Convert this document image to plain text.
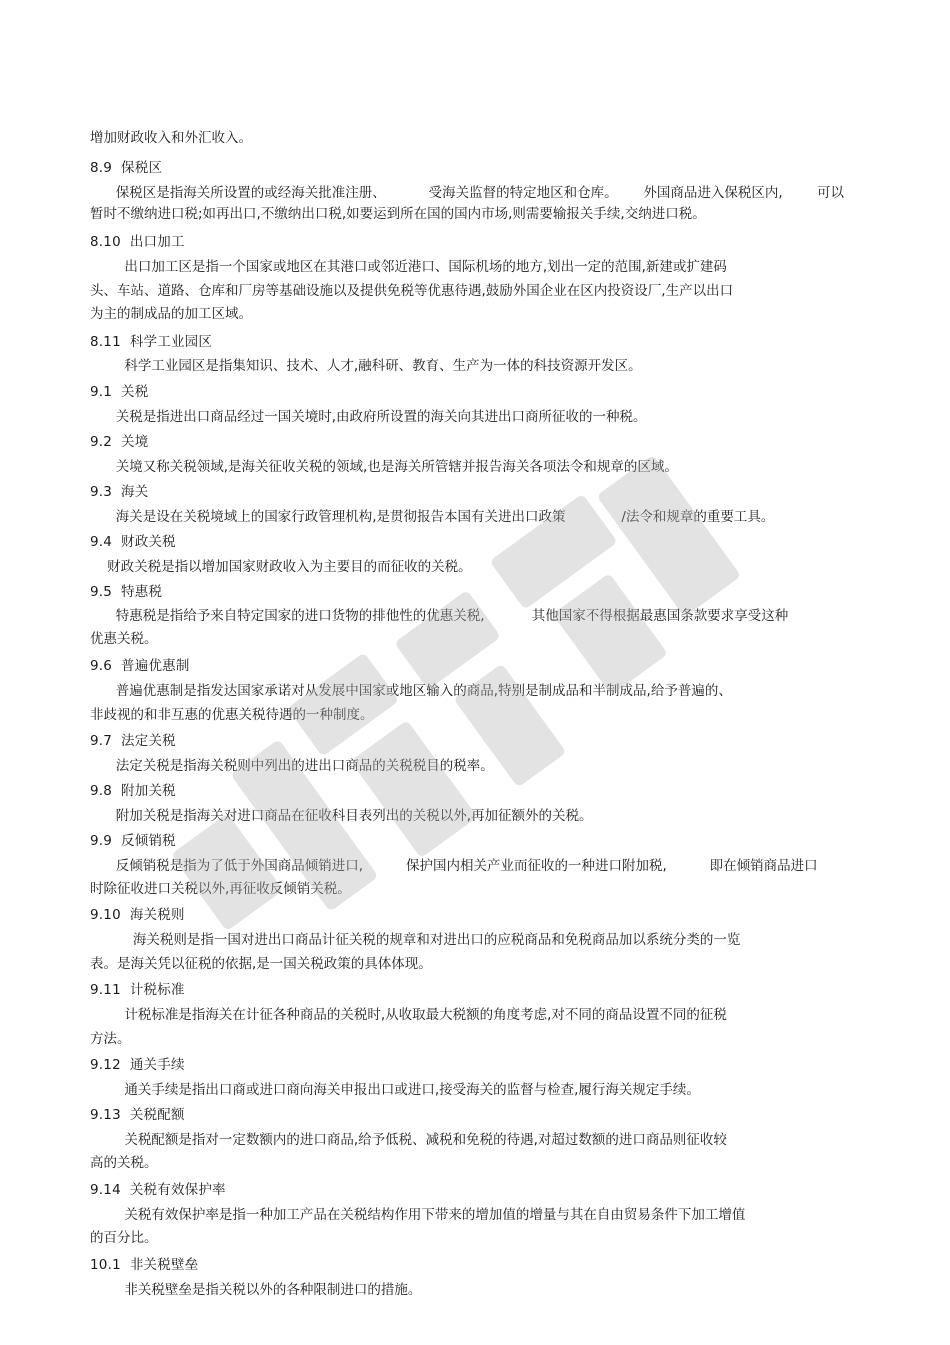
增加财政收入和外汇收入。
8.9  保税区
保税区是指海关所设置的或经海关批准注册、          受海关监督的特定地区和仓库。      外国商品进入保税区内,        可以
暂时不缴纳进口税;如再出口,不缴纳出口税,如要运到所在国的国内市场,则需要输报关手续,交纳进口税。
8.10  出口加工
出口加工区是指一个国家或地区在其港口或邻近港口、国际机场的地方,划出一定的范围,新建或扩建码
头、车站、道路、仓库和厂房等基础设施以及提供免税等优惠待遇,鼓励外国企业在区内投资设厂,生产以出口
为主的制成品的加工区域。
8.11  科学工业园区
科学工业园区是指集知识、技术、人才,融科研、教育、生产为一体的科技资源开发区。
9.1  关税
关税是指进出口商品经过一国关境时,由政府所设置的海关向其进出口商所征收的一种税。
9.2  关境
关境又称关税领域,是海关征收关税的领域,也是海关所管辖并报告海关各项法令和规章的区域。
9.3  海关
海关是设在关税境域上的国家行政管理机构,是贯彻报告本国有关进出口政策             /法令和规章的重要工具。
9.4  财政关税
财政关税是指以增加国家财政收入为主要目的而征收的关税。
9.5  特惠税
特惠税是指给予来自特定国家的进口货物的排他性的优惠关税,           其他国家不得根据最惠国条款要求享受这种
优惠关税。
9.6  普遍优惠制
普遍优惠制是指发达国家承诺对从发展中国家或地区输入的商品,特别是制成品和半制成品,给予普遍的、
非歧视的和非互惠的优惠关税待遇的一种制度。
9.7  法定关税
法定关税是指海关税则中列出的进出口商品的关税税目的税率。
9.8  附加关税
附加关税是指海关对进口商品在征收科目表列出的关税以外,再加征额外的关税。
9.9  反倾销税
反倾销税是指为了低于外国商品倾销进口,          保护国内相关产业而征收的一种进口附加税,          即在倾销商品进口
时除征收进口关税以外,再征收反倾销关税。
9.10  海关税则
海关税则是指一国对进出口商品计征关税的规章和对进出口的应税商品和免税商品加以系统分类的一览
表。是海关凭以征税的依据,是一国关税政策的具体体现。
9.11  计税标准
计税标准是指海关在计征各种商品的关税时,从收取最大税额的角度考虑,对不同的商品设置不同的征税
方法。
9.12  通关手续
通关手续是指出口商或进口商向海关申报出口或进口,接受海关的监督与检查,履行海关规定手续。
9.13  关税配额
关税配额是指对一定数额内的进口商品,给予低税、减税和免税的待遇,对超过数额的进口商品则征收较
高的关税。
9.14  关税有效保护率
关税有效保护率是指一种加工产品在关税结构作用下带来的增加值的增量与其在自由贸易条件下加工增值
的百分比。
10.1  非关税壁垒
非关税壁垒是指关税以外的各种限制进口的措施。
